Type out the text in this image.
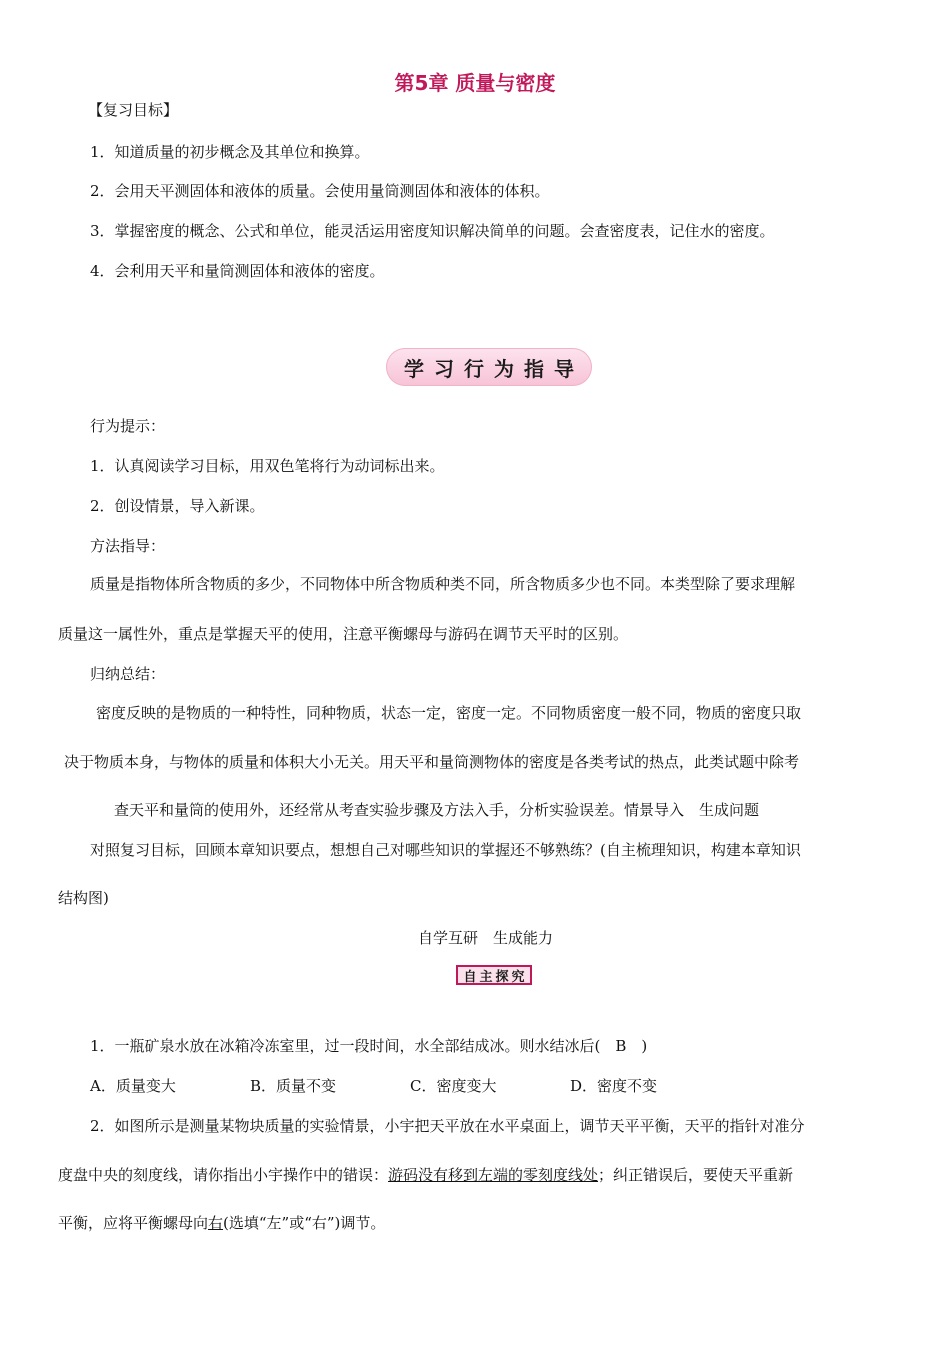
第5章 质量与密度
【复习目标】
1．知道质量的初步概念及其单位和换算。
2．会用天平测固体和液体的质量。会使用量筒测固体和液体的体积。
3．掌握密度的概念、公式和单位，能灵活运用密度知识解决简单的问题。会查密度表，记住水的密度。
4．会利用天平和量筒测固体和液体的密度。
学习行为指导
行为提示：
1．认真阅读学习目标，用双色笔将行为动词标出来。
2．创设情景，导入新课。
方法指导：
质量是指物体所含物质的多少，不同物体中所含物质种类不同，所含物质多少也不同。本类型除了要求理解
质量这一属性外，重点是掌握天平的使用，注意平衡螺母与游码在调节天平时的区别。
归纳总结：
密度反映的是物质的一种特性，同种物质，状态一定，密度一定。不同物质密度一般不同，物质的密度只取
决于物质本身，与物体的质量和体积大小无关。用天平和量筒测物体的密度是各类考试的热点，此类试题中除考
查天平和量筒的使用外，还经常从考查实验步骤及方法入手，分析实验误差。情景导入　生成问题
对照复习目标，回顾本章知识要点，想想自己对哪些知识的掌握还不够熟练？(自主梳理知识，构建本章知识
结构图)
自学互研　生成能力
自主探究
1．一瓶矿泉水放在冰箱冷冻室里，过一段时间，水全部结成冰。则水结冰后(　B　)
A．质量变大	B．质量不变	C．密度变大	D．密度不变
2．如图所示是测量某物块质量的实验情景，小宇把天平放在水平桌面上，调节天平平衡，天平的指针对准分
度盘中央的刻度线，请你指出小宇操作中的错误：游码没有移到左端的零刻度线处；纠正错误后，要使天平重新
平衡，应将平衡螺母向右(选填“左”或“右”)调节。
